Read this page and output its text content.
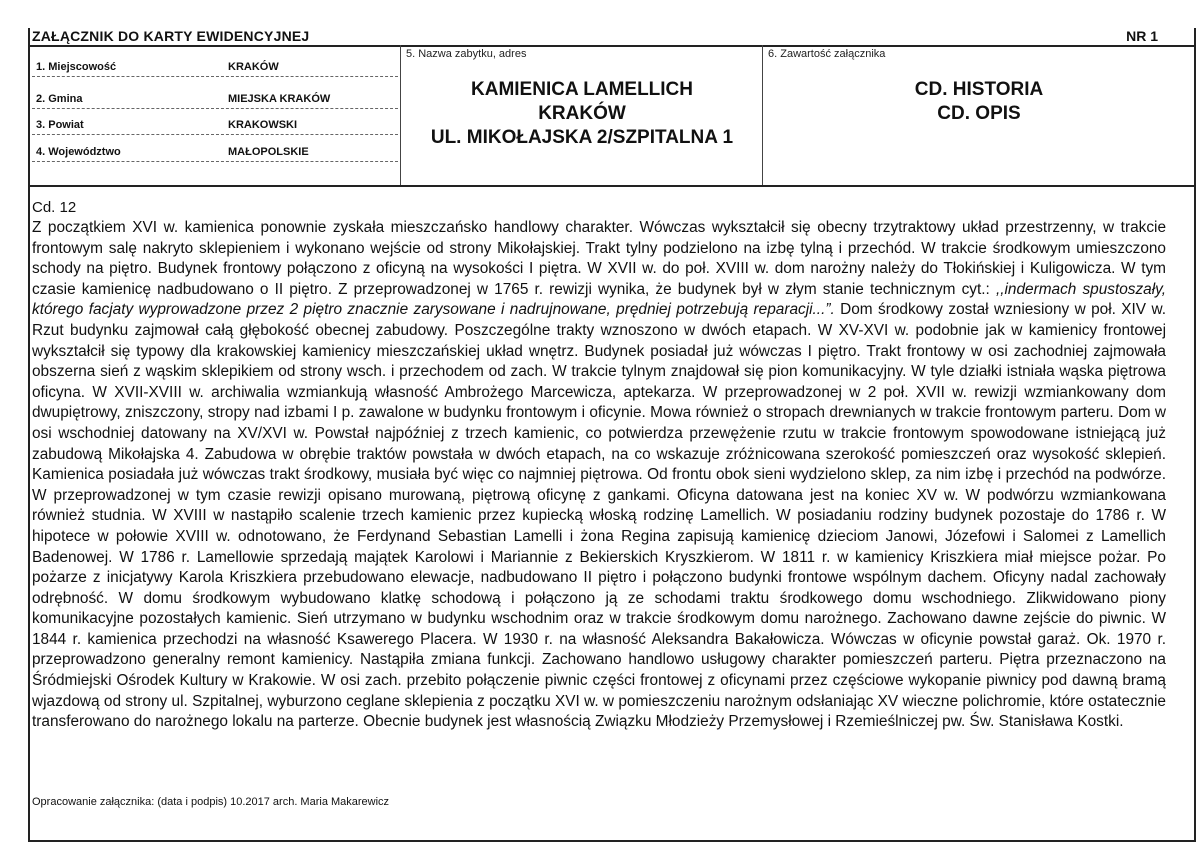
ZAŁĄCZNIK DO KARTY EWIDENCYJNEJ	NR 1
1. Miejscowość	KRAKÓW
2. Gmina	MIEJSKA KRAKÓW
3. Powiat	KRAKOWSKI
4. Województwo	MAŁOPOLSKIE
5. Nazwa zabytku, adres
KAMIENICA LAMELLICH
KRAKÓW
UL. MIKOŁAJSKA 2/SZPITALNA 1
6. Zawartość załącznika
CD. HISTORIA
CD. OPIS
Cd. 12
Z początkiem XVI w. kamienica ponownie zyskała mieszczańsko handlowy charakter. Wówczas wykształcił się obecny trzytraktowy układ przestrzenny, w trakcie frontowym salę nakryto sklepieniem i wykonano wejście od strony Mikołajskiej. Trakt tylny podzielono na izbę tylną i przechód. W trakcie środkowym umieszczono schody na piętro. Budynek frontowy połączono z oficyną na wysokości I piętra. W XVII w. do poł. XVIII w. dom narożny należy do Tłokińskiej i Kuligowicza. W tym czasie kamienicę nadbudowano o II piętro. Z przeprowadzonej w 1765 r. rewizji wynika, że budynek był w złym stanie technicznym cyt.: ,,indermach spustoszały, którego facjaty wyprowadzone przez 2 piętro znacznie zarysowane i nadrujnowane, prędniej potrzebują reparacji...”. Dom środkowy został wzniesiony w poł. XIV w. Rzut budynku zajmował całą głębokość obecnej zabudowy. Poszczególne trakty wznoszono w dwóch etapach. W XV-XVI w. podobnie jak w kamienicy frontowej wykształcił się typowy dla krakowskiej kamienicy mieszczańskiej układ wnętrz. Budynek posiadał już wówczas I piętro. Trakt frontowy w osi zachodniej zajmowała obszerna sień z wąskim sklepikiem od strony wsch. i przechodem od zach. W trakcie tylnym znajdował się pion komunikacyjny. W tyle działki istniała wąska piętrowa oficyna. W XVII-XVIII w. archiwalia wzmiankują własność Ambrożego Marcewicza, aptekarza. W przeprowadzonej w 2 poł. XVII w. rewizji wzmiankowany dom dwupiętrowy, zniszczony, stropy nad izbami I p. zawalone w budynku frontowym i oficynie. Mowa również o stropach drewnianych w trakcie frontowym parteru. Dom w osi wschodniej datowany na XV/XVI w. Powstał najpóźniej z trzech kamienic, co potwierdza przewężenie rzutu w trakcie frontowym spowodowane istniejącą już zabudową Mikołajska 4. Zabudowa w obrębie traktów powstała w dwóch etapach, na co wskazuje zróżnicowana szerokość pomieszczeń oraz wysokość sklepień. Kamienica posiadała już wówczas trakt środkowy, musiała być więc co najmniej piętrowa. Od frontu obok sieni wydzielono sklep, za nim izbę i przechód na podwórze. W przeprowadzonej w tym czasie rewizji opisano murowaną, piętrową oficynę z gankami. Oficyna datowana jest na koniec XV w. W podwórzu wzmiankowana również studnia. W XVIII w nastąpiło scalenie trzech kamienic przez kupiecką włoską rodzinę Lamellich. W posiadaniu rodziny budynek pozostaje do 1786 r. W hipotece w połowie XVIII w. odnotowano, że Ferdynand Sebastian Lamelli i żona Regina zapisują kamienicę dzieciom Janowi, Józefowi i Salomei z Lamellich Badenowej. W 1786 r. Lamellowie sprzedają majątek Karolowi i Mariannie z Bekierskich Kryszkierom. W 1811 r. w kamienicy Kriszkiera miał miejsce pożar. Po pożarze z inicjatywy Karola Kriszkiera przebudowano elewacje, nadbudowano II piętro i połączono budynki frontowe wspólnym dachem. Oficyny nadal zachowały odrębność. W domu środkowym wybudowano klatkę schodową i połączono ją ze schodami traktu środkowego domu wschodniego. Zlikwidowano piony komunikacyjne pozostałych kamienic. Sień utrzymano w budynku wschodnim oraz w trakcie środkowym domu narożnego. Zachowano dawne zejście do piwnic. W 1844 r. kamienica przechodzi na własność Ksawerego Placera. W 1930 r. na własność Aleksandra Bakałowicza. Wówczas w oficynie powstał garaż. Ok. 1970 r. przeprowadzono generalny remont kamienicy. Nastąpiła zmiana funkcji. Zachowano handlowo usługowy charakter pomieszczeń parteru. Piętra przeznaczono na Śródmiejski Ośrodek Kultury w Krakowie. W osi zach. przebito połączenie piwnic części frontowej z oficynami przez częściowe wykopanie piwnicy pod dawną bramą wjazdową od strony ul. Szpitalnej, wyburzono ceglane sklepienia z początku XVI w. w pomieszczeniu narożnym odsłaniając XV wieczne polichromie, które ostatecznie transferowano do narożnego lokalu na parterze. Obecnie budynek jest własnością Związku Młodzieży Przemysłowej i Rzemieślniczej pw. Św. Stanisława Kostki.
Opracowanie załącznika: (data i podpis) 10.2017 arch. Maria Makarewicz
